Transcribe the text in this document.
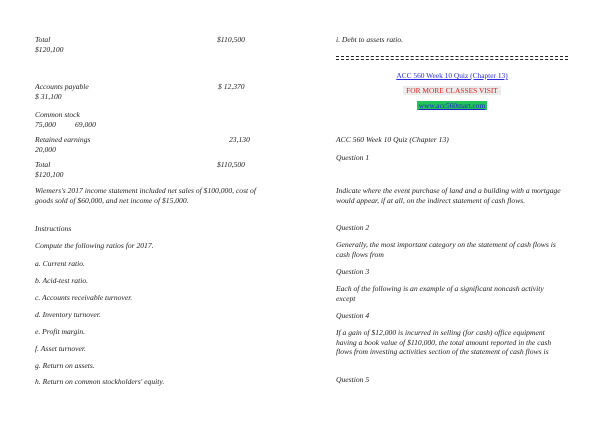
Total	$110,500
$120,100
Accounts payable	$ 12,370
$ 31,100
Common stock
75,000	69,000
Retained earnings	23,130
20,000
Total	$110,500
$120,100
Wiemers's 2017 income statement included net sales of $100,000, cost of goods sold of $60,000, and net income of $15,000.
Instructions
Compute the following ratios for 2017.
a. Current ratio.
b. Acid-test ratio.
c. Accounts receivable turnover.
d. Inventory turnover.
e. Profit margin.
f. Asset turnover.
g. Return on assets.
h. Return on common stockholders' equity.
i. Debt to assets ratio.
ACC 560 Week 10 Quiz (Chapter 13)
FOR MORE CLASSES VISIT
www.acc560mart.com
ACC 560 Week 10 Quiz (Chapter 13)
Question 1
Indicate where the event purchase of land and a building with a mortgage would appear, if at all, on the indirect statement of cash flows.
Question 2
Generally, the most important category on the statement of cash flows is cash flows from
Question 3
Each of the following is an example of a significant noncash activity except
Question 4
If a gain of $12,000 is incurred in selling (for cash) office equipment having a book value of $110,000, the total amount reported in the cash flows from investing activities section of the statement of cash flows is
Question 5
